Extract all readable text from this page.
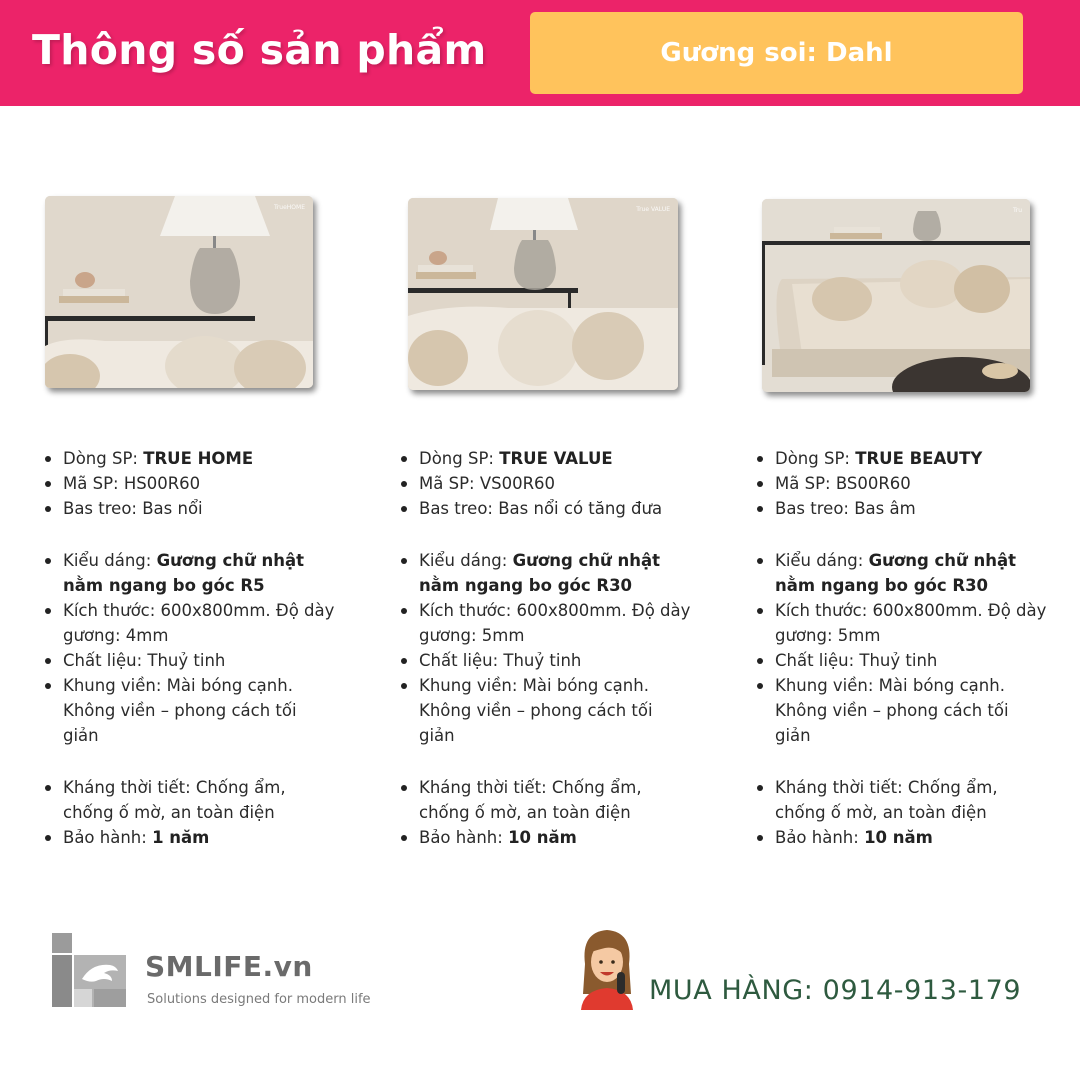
Thông số sản phẩm	Gương soi: Dahl
TrueHOME	True VALUE	Tru
Dòng SP: TRUE HOME
Mã SP: HS00R60
Bas treo: Bas nổi
Kiểu dáng: Gương chữ nhật nằm ngang bo góc R5
Kích thước: 600x800mm. Độ dày gương: 4mm
Chất liệu: Thuỷ tinh
Khung viền: Mài bóng cạnh. Không viền – phong cách tối giản
Kháng thời tiết: Chống ẩm, chống ố mờ, an toàn điện
Bảo hành: 1 năm
Dòng SP: TRUE VALUE
Mã SP: VS00R60
Bas treo: Bas nổi có tăng đưa
Kiểu dáng: Gương chữ nhật nằm ngang bo góc R30
Kích thước: 600x800mm. Độ dày gương: 5mm
Chất liệu: Thuỷ tinh
Khung viền: Mài bóng cạnh. Không viền – phong cách tối giản
Kháng thời tiết: Chống ẩm, chống ố mờ, an toàn điện
Bảo hành: 10 năm
Dòng SP: TRUE BEAUTY
Mã SP: BS00R60
Bas treo: Bas âm
Kiểu dáng: Gương chữ nhật nằm ngang bo góc R30
Kích thước: 600x800mm. Độ dày gương: 5mm
Chất liệu: Thuỷ tinh
Khung viền: Mài bóng cạnh. Không viền – phong cách tối giản
Kháng thời tiết: Chống ẩm, chống ố mờ, an toàn điện
Bảo hành: 10 năm
SMLIFE.vn
Solutions designed for modern life	MUA HÀNG: 0914-913-179
